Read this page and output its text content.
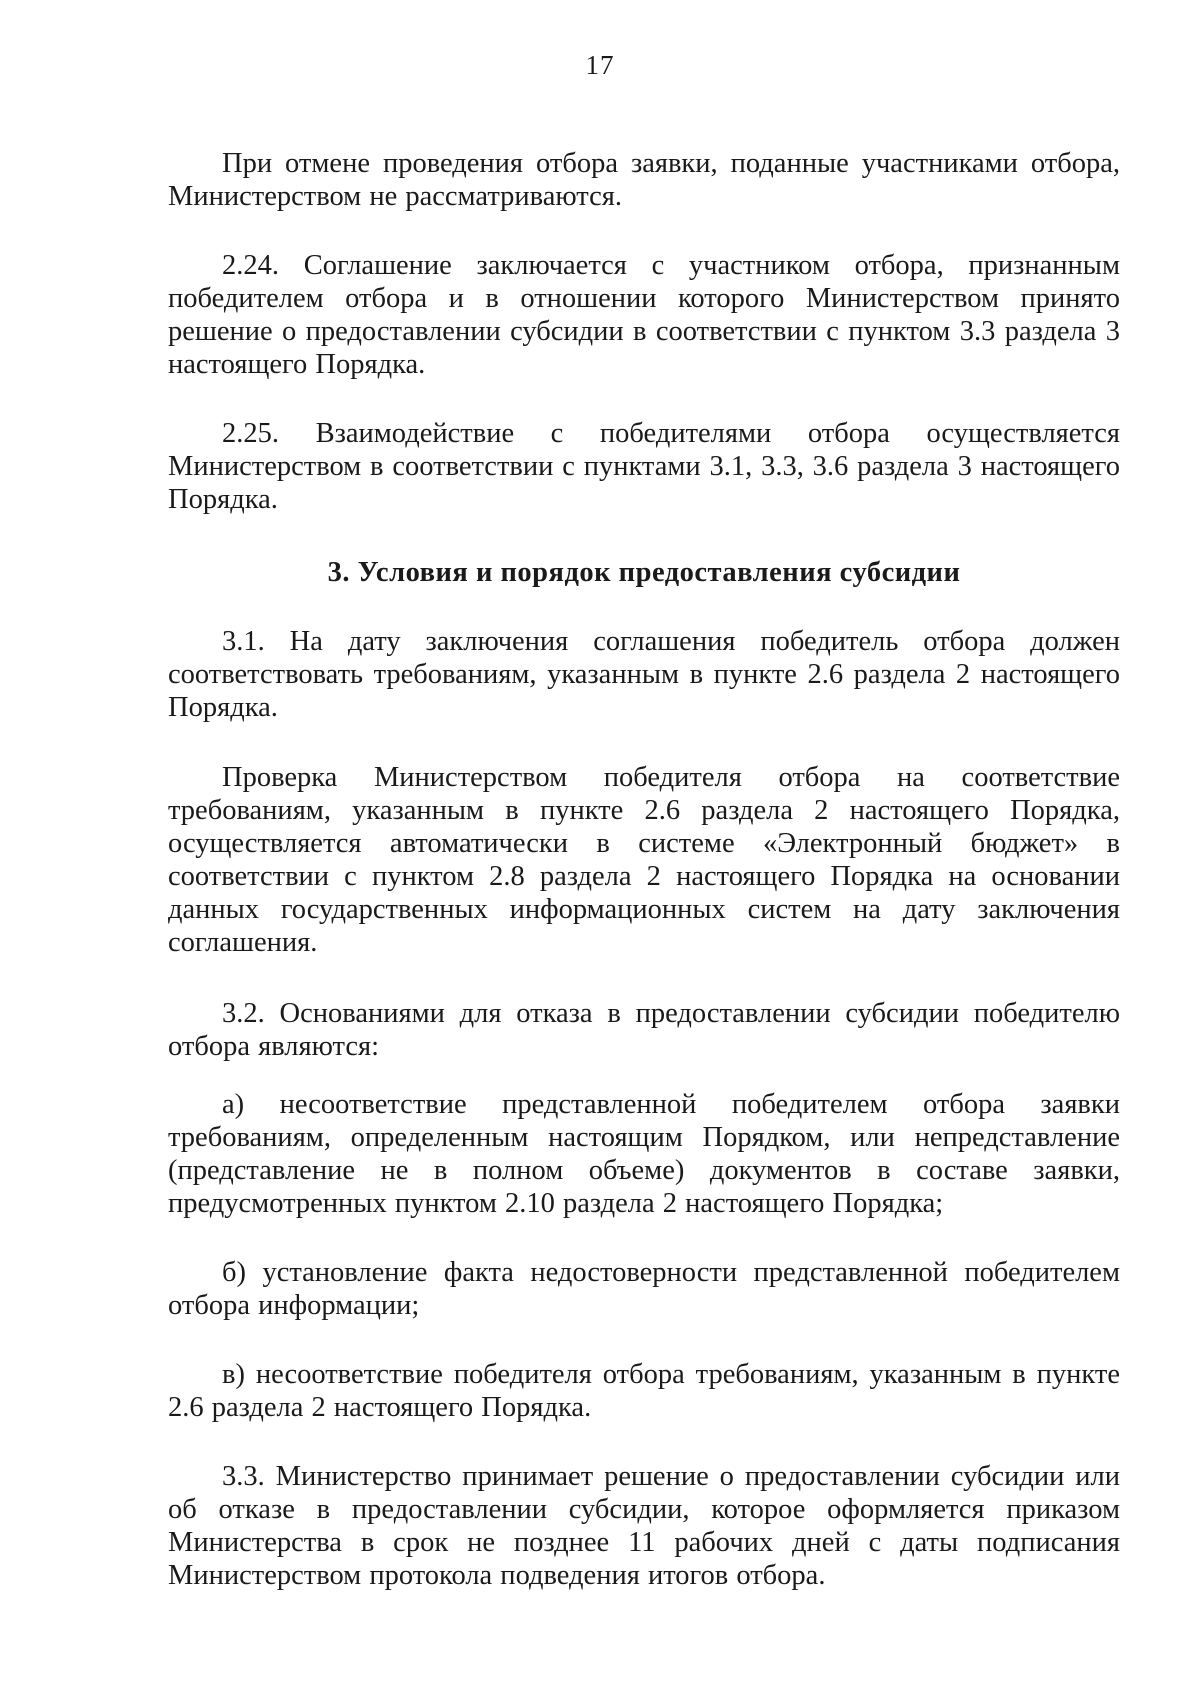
17

При отмене проведения отбора заявки, поданные участниками отбора, Министерством не рассматриваются.

2.24. Соглашение заключается с участником отбора, признанным победителем отбора и в отношении которого Министерством принято решение о предоставлении субсидии в соответствии с пунктом 3.3 раздела 3 настоящего Порядка.

2.25. Взаимодействие с победителями отбора осуществляется Министерством в соответствии с пунктами 3.1, 3.3, 3.6 раздела 3 настоящего Порядка.

3. Условия и порядок предоставления субсидии

3.1. На дату заключения соглашения победитель отбора должен соответствовать требованиям, указанным в пункте 2.6 раздела 2 настоящего Порядка.

Проверка Министерством победителя отбора на соответствие требованиям, указанным в пункте 2.6 раздела 2 настоящего Порядка, осуществляется автоматически в системе «Электронный бюджет» в соответствии с пунктом 2.8 раздела 2 настоящего Порядка на основании данных государственных информационных систем на дату заключения соглашения.

3.2. Основаниями для отказа в предоставлении субсидии победителю отбора являются:

а) несоответствие представленной победителем отбора заявки требованиям, определенным настоящим Порядком, или непредставление (представление не в полном объеме) документов в составе заявки, предусмотренных пунктом 2.10 раздела 2 настоящего Порядка;

б) установление факта недостоверности представленной победителем отбора информации;

в) несоответствие победителя отбора требованиям, указанным в пункте 2.6 раздела 2 настоящего Порядка.

3.3. Министерство принимает решение о предоставлении субсидии или об отказе в предоставлении субсидии, которое оформляется приказом Министерства в срок не позднее 11 рабочих дней с даты подписания Министерством протокола подведения итогов отбора.
